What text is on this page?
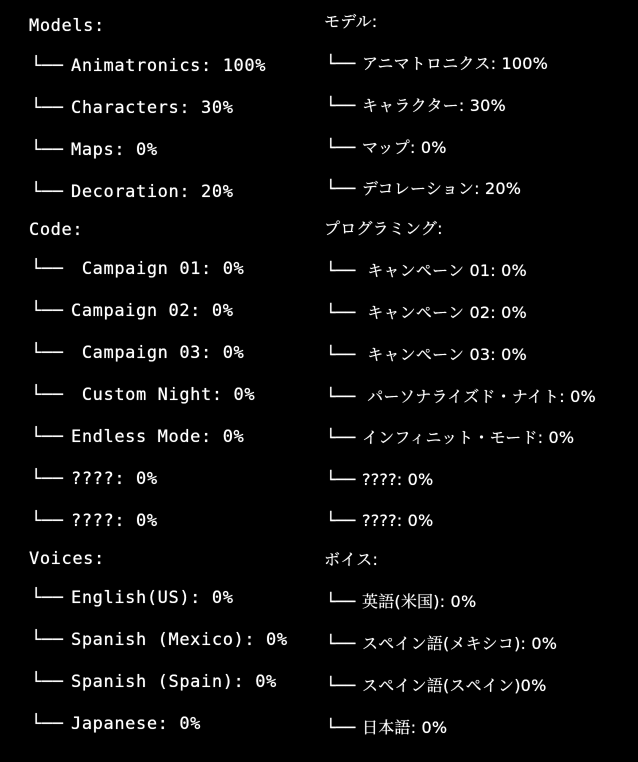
Models:
└── Animatronics: 100%
└── Characters: 30%
└── Maps: 0%
└── Decoration: 20%
Code:
└── Campaign 01: 0%
└── Campaign 02: 0%
└── Campaign 03: 0%
└── Custom Night: 0%
└── Endless Mode: 0%
└── ????: 0%
└── ????: 0%
Voices:
└── English(US): 0%
└── Spanish (Mexico): 0%
└── Spanish (Spain): 0%
└── Japanese: 0%
モデル:
└── アニマトロニクス: 100%
└── キャラクター: 30%
└── マップ: 0%
└── デコレーション: 20%
プログラミング:
└── キャンペーン 01: 0%
└── キャンペーン 02: 0%
└── キャンペーン 03: 0%
└── パーソナライズド・ナイト: 0%
└── インフィニット・モード: 0%
└── ????: 0%
└── ????: 0%
ボイス:
└── 英語(米国): 0%
└── スペイン語(メキシコ): 0%
└── スペイン語(スペイン)0%
└── 日本語: 0%
